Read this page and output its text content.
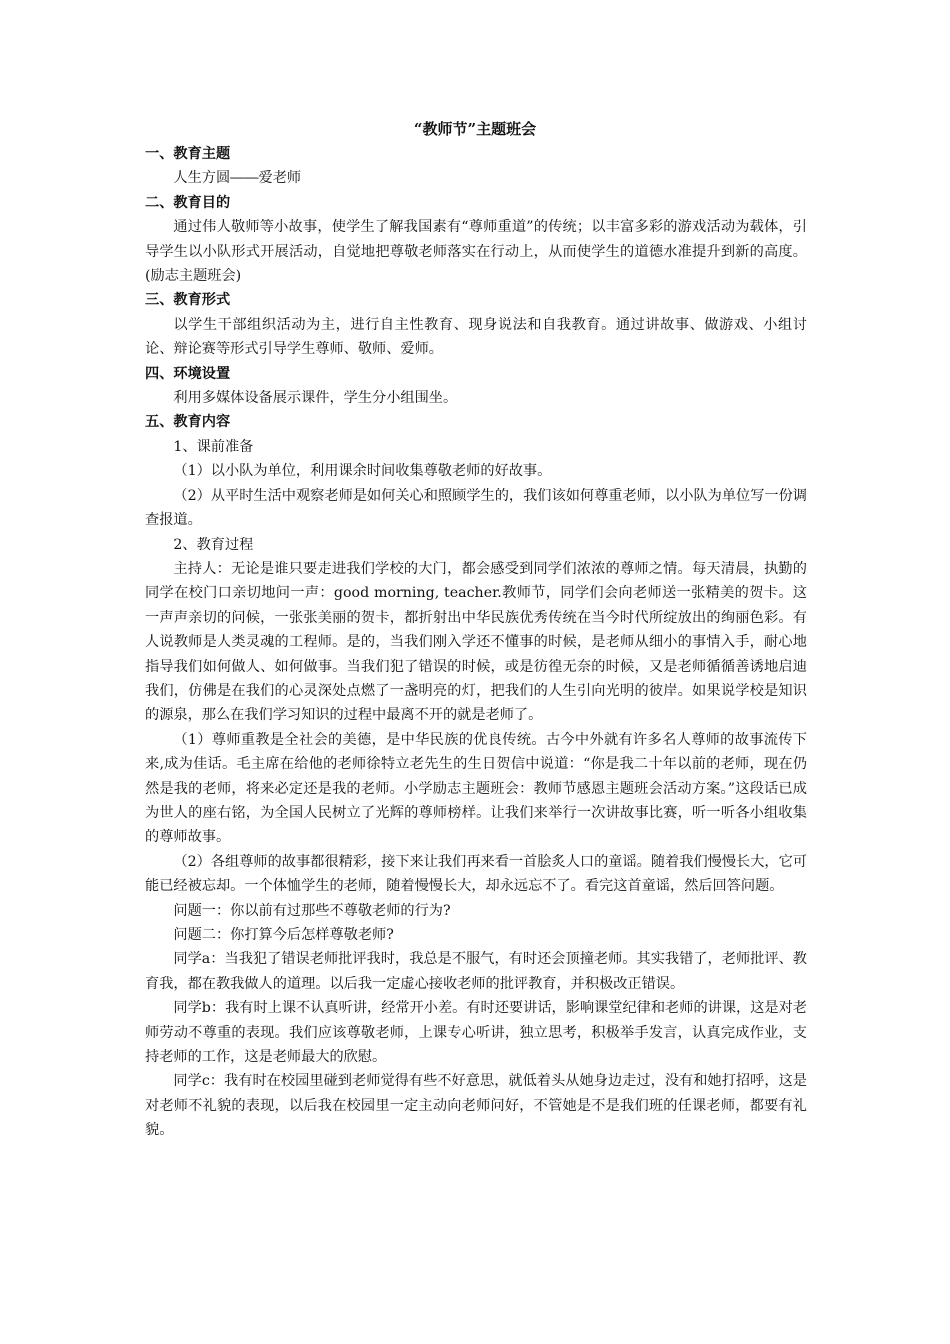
“教师节”主题班会

一、教育主题

人生方圆――爱老师

二、教育目的

通过伟人敬师等小故事，使学生了解我国素有“尊师重道”的传统；以丰富多彩的游戏活动为载体，引导学生以小队形式开展活动，自觉地把尊敬老师落实在行动上，从而使学生的道德水准提升到新的高度。(励志主题班会)

三、教育形式

以学生干部组织活动为主，进行自主性教育、现身说法和自我教育。通过讲故事、做游戏、小组讨论、辩论赛等形式引导学生尊师、敬师、爱师。

四、环境设置

利用多媒体设备展示课件，学生分小组围坐。

五、教育内容

1、课前准备

（1）以小队为单位，利用课余时间收集尊敬老师的好故事。

（2）从平时生活中观察老师是如何关心和照顾学生的，我们该如何尊重老师，以小队为单位写一份调查报道。

2、教育过程

主持人：无论是谁只要走进我们学校的大门，都会感受到同学们浓浓的尊师之情。每天清晨，执勤的同学在校门口亲切地问一声：good morning, teacher.教师节，同学们会向老师送一张精美的贺卡。这一声声亲切的问候，一张张美丽的贺卡，都折射出中华民族优秀传统在当今时代所绽放出的绚丽色彩。有人说教师是人类灵魂的工程师。是的，当我们刚入学还不懂事的时候，是老师从细小的事情入手，耐心地指导我们如何做人、如何做事。当我们犯了错误的时候，或是彷徨无奈的时候，又是老师循循善诱地启迪我们，仿佛是在我们的心灵深处点燃了一盏明亮的灯，把我们的人生引向光明的彼岸。如果说学校是知识的源泉，那么在我们学习知识的过程中最离不开的就是老师了。

（1）尊师重教是全社会的美德，是中华民族的优良传统。古今中外就有许多名人尊师的故事流传下来,成为佳话。毛主席在给他的老师徐特立老先生的生日贺信中说道：“你是我二十年以前的老师，现在仍然是我的老师，将来必定还是我的老师。小学励志主题班会：教师节感恩主题班会活动方案。”这段话已成为世人的座右铭，为全国人民树立了光辉的尊师榜样。让我们来举行一次讲故事比赛，听一听各小组收集的尊师故事。

（2）各组尊师的故事都很精彩，接下来让我们再来看一首脍炙人口的童谣。随着我们慢慢长大，它可能已经被忘却。一个体恤学生的老师，随着慢慢长大，却永远忘不了。看完这首童谣，然后回答问题。

问题一：你以前有过那些不尊敬老师的行为?

问题二：你打算今后怎样尊敬老师?

同学a：当我犯了错误老师批评我时，我总是不服气，有时还会顶撞老师。其实我错了，老师批评、教育我，都在教我做人的道理。以后我一定虚心接收老师的批评教育，并积极改正错误。

同学b：我有时上课不认真听讲，经常开小差。有时还要讲话，影响课堂纪律和老师的讲课，这是对老师劳动不尊重的表现。我们应该尊敬老师，上课专心听讲，独立思考，积极举手发言，认真完成作业，支持老师的工作，这是老师最大的欣慰。

同学c：我有时在校园里碰到老师觉得有些不好意思，就低着头从她身边走过，没有和她打招呼，这是对老师不礼貌的表现，以后我在校园里一定主动向老师问好，不管她是不是我们班的任课老师，都要有礼貌。
